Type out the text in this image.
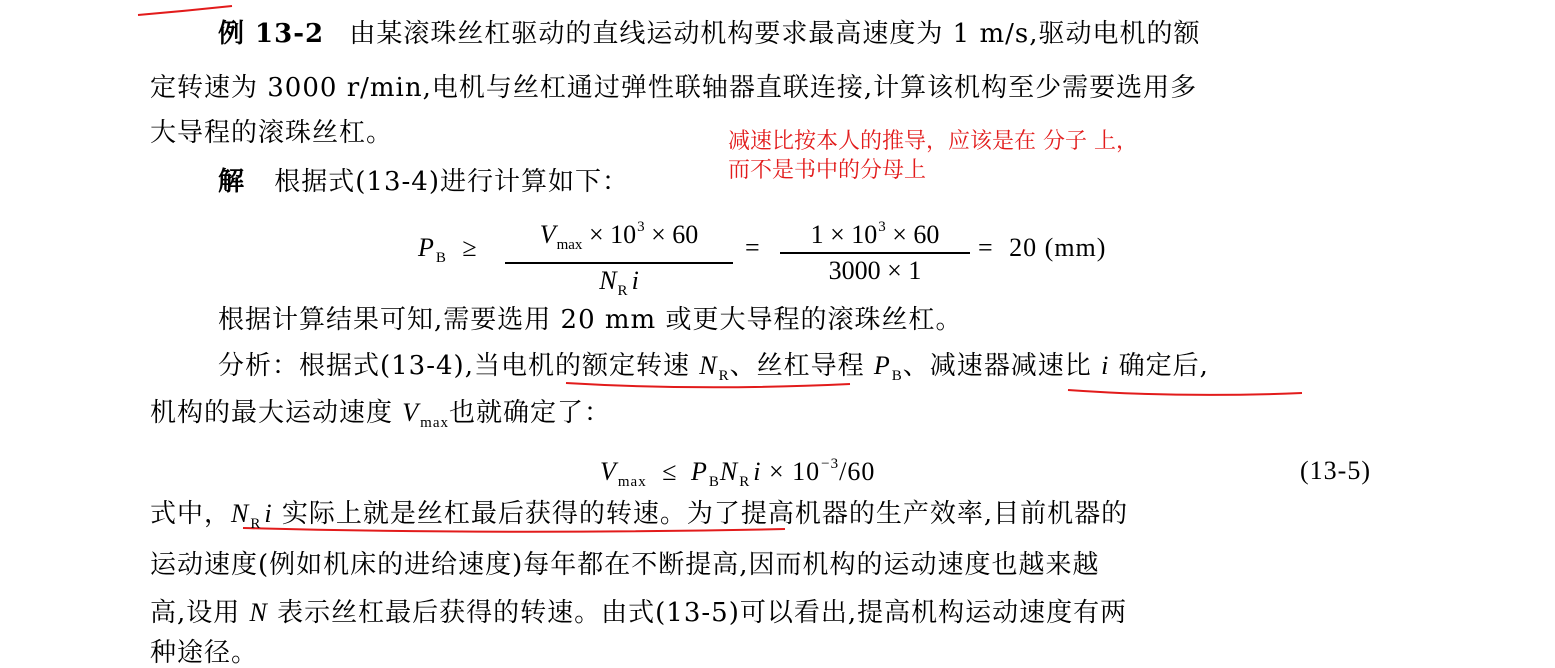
例 13-2 由某滚珠丝杠驱动的直线运动机构要求最高速度为 1 m/s,驱动电机的额
定转速为 3000 r/min,电机与丝杠通过弹性联轴器直联连接,计算该机构至少需要选用多
大导程的滚珠丝杠。	减速比按本人的推导，应该是在 分子 上，
而不是书中的分母上
解 根据式(13-4)进行计算如下：
$P_B$ ≥	$V_{max} \times 10^3 \times 60$
$N_R$ i
= $\frac{1 \times 10^3 \times 60}{3000 \times 1} = 20$ (mm)
根据计算结果可知,需要选用 20 mm 或更大导程的滚珠丝杠。
分析：根据式(13-4),当电机的额定转速 $N_R$、丝杠导程 $P_B$、减速器减速比 i 确定后,
机构的最大运动速度 $V_{max}$也就确定了：
$V_{max} \le P_BN_R$ $i \times 10^{-3}/60$	(13-5)
式中，$N_R$ i 实际上就是丝杠最后获得的转速。为了提高机器的生产效率,目前机器的
运动速度(例如机床的进给速度)每年都在不断提高,因而机构的运动速度也越来越
高,设用 N 表示丝杠最后获得的转速。由式(13-5)可以看出,提高机构运动速度有两
种途径。
